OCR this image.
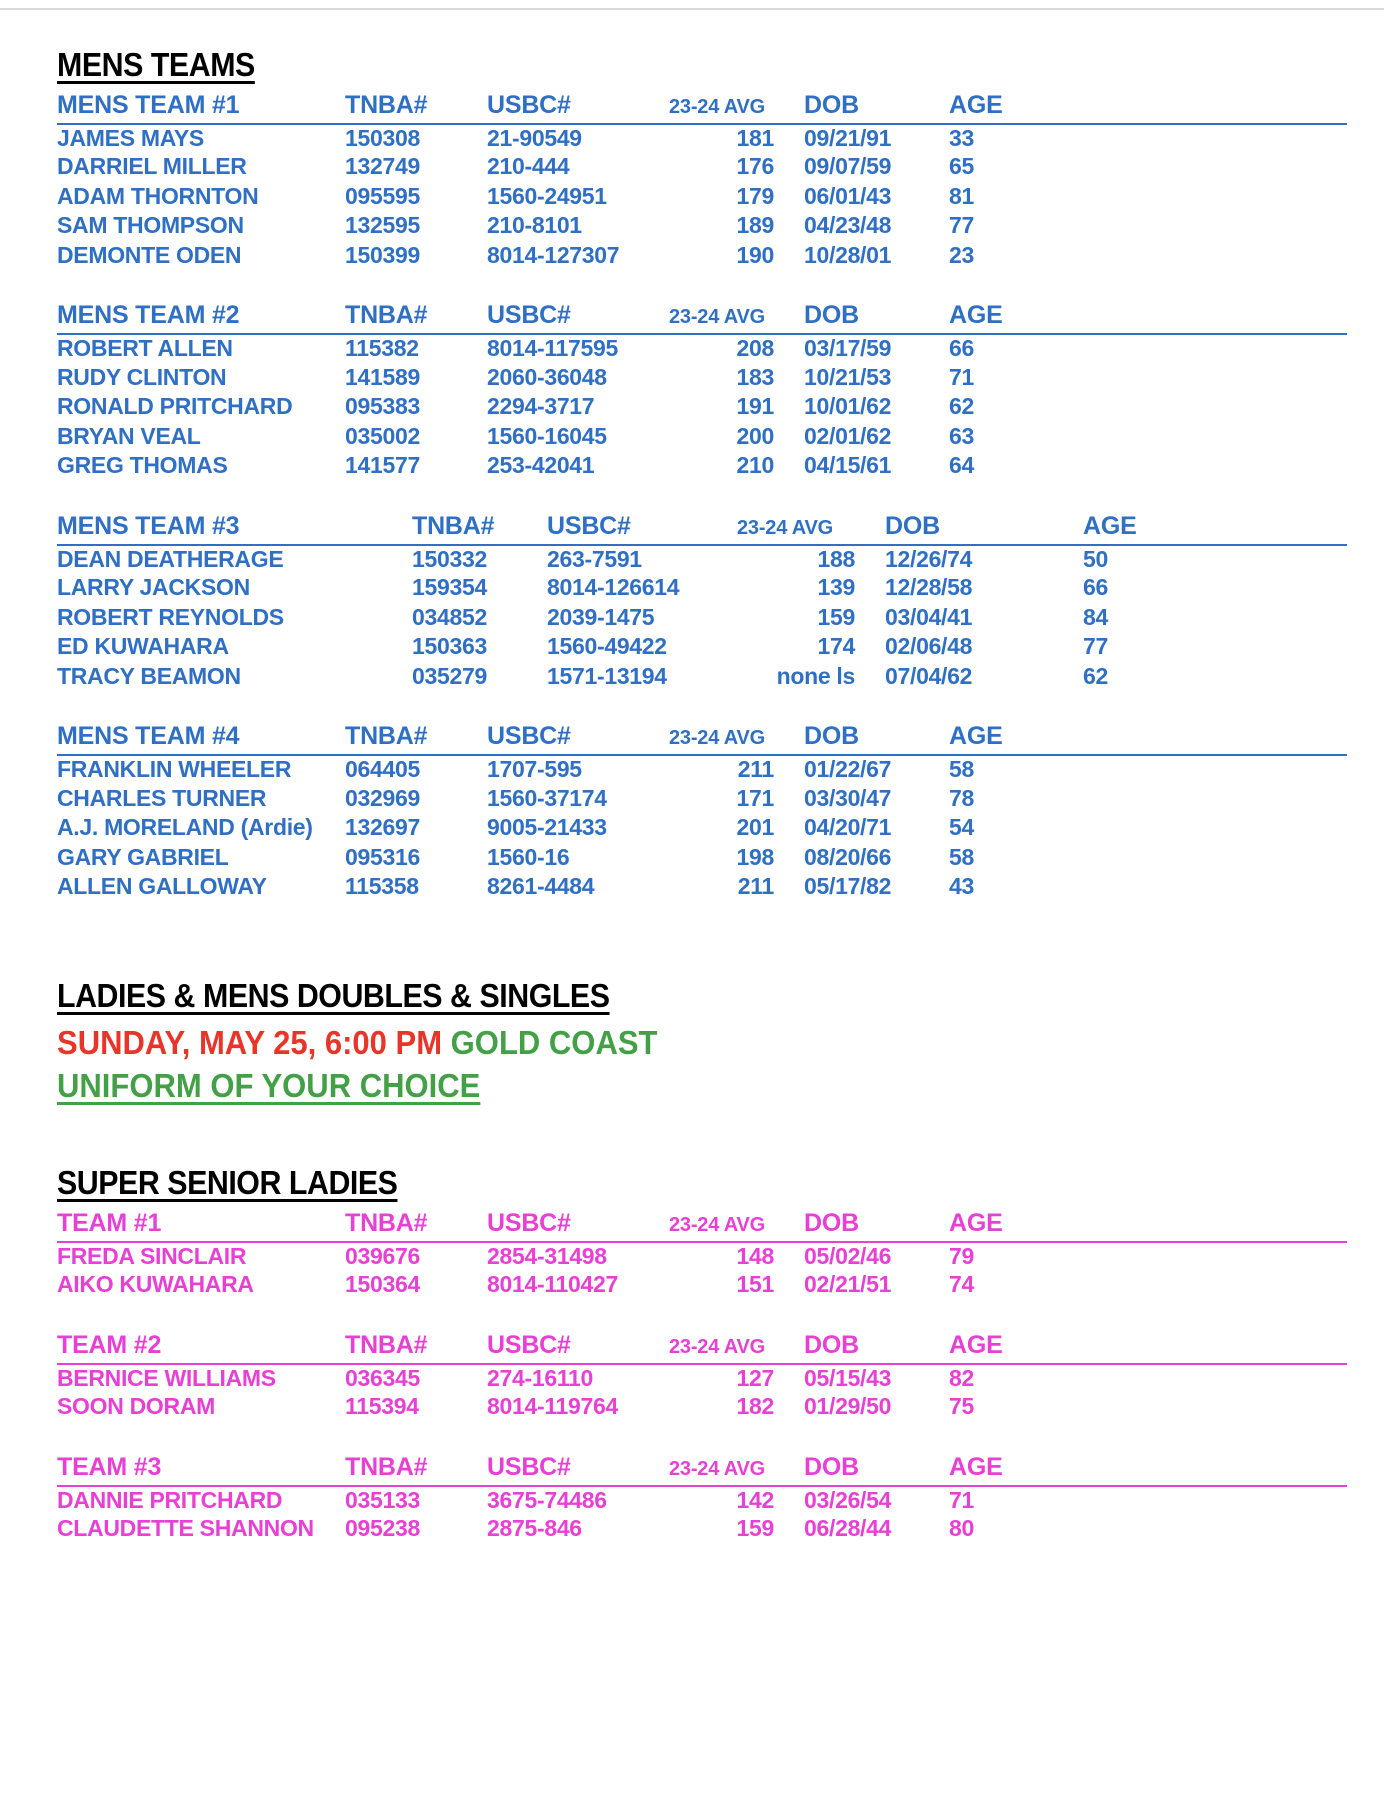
MENS TEAMS
MENS TEAM #1	TNBA#	USBC#	23-24 AVG	DOB	AGE	
JAMES MAYS	150308	21-90549	181	09/21/91	33	
DARRIEL MILLER	132749	210-444	176	09/07/59	65	
ADAM THORNTON	095595	1560-24951	179	06/01/43	81	
SAM THOMPSON	132595	210-8101	189	04/23/48	77	
DEMONTE ODEN	150399	8014-127307	190	10/28/01	23	
MENS TEAM #2	TNBA#	USBC#	23-24 AVG	DOB	AGE	
ROBERT ALLEN	115382	8014-117595	208	03/17/59	66	
RUDY CLINTON	141589	2060-36048	183	10/21/53	71	
RONALD PRITCHARD	095383	2294-3717	191	10/01/62	62	
BRYAN VEAL	035002	1560-16045	200	02/01/62	63	
GREG THOMAS	141577	253-42041	210	04/15/61	64	
MENS TEAM #3	TNBA#	USBC#	23-24 AVG	DOB	AGE	
DEAN DEATHERAGE	150332	263-7591	188	12/26/74	50	
LARRY JACKSON	159354	8014-126614	139	12/28/58	66	
ROBERT REYNOLDS	034852	2039-1475	159	03/04/41	84	
ED KUWAHARA	150363	1560-49422	174	02/06/48	77	
TRACY BEAMON	035279	1571-13194	none ls	07/04/62	62	
MENS TEAM #4	TNBA#	USBC#	23-24 AVG	DOB	AGE	
FRANKLIN WHEELER	064405	1707-595	211	01/22/67	58	
CHARLES TURNER	032969	1560-37174	171	03/30/47	78	
A.J. MORELAND (Ardie)	132697	9005-21433	201	04/20/71	54	
GARY GABRIEL	095316	1560-16	198	08/20/66	58	
ALLEN GALLOWAY	115358	8261-4484	211	05/17/82	43	
LADIES & MENS DOUBLES & SINGLES
SUNDAY, MAY 25, 6:00 PM GOLD COAST
UNIFORM OF YOUR CHOICE
SUPER SENIOR LADIES
TEAM #1	TNBA#	USBC#	23-24 AVG	DOB	AGE	
FREDA SINCLAIR	039676	2854-31498	148	05/02/46	79	
AIKO KUWAHARA	150364	8014-110427	151	02/21/51	74	
TEAM #2	TNBA#	USBC#	23-24 AVG	DOB	AGE	
BERNICE WILLIAMS	036345	274-16110	127	05/15/43	82	
SOON DORAM	115394	8014-119764	182	01/29/50	75	
TEAM #3	TNBA#	USBC#	23-24 AVG	DOB	AGE	
DANNIE PRITCHARD	035133	3675-74486	142	03/26/54	71	
CLAUDETTE SHANNON	095238	2875-846	159	06/28/44	80	
